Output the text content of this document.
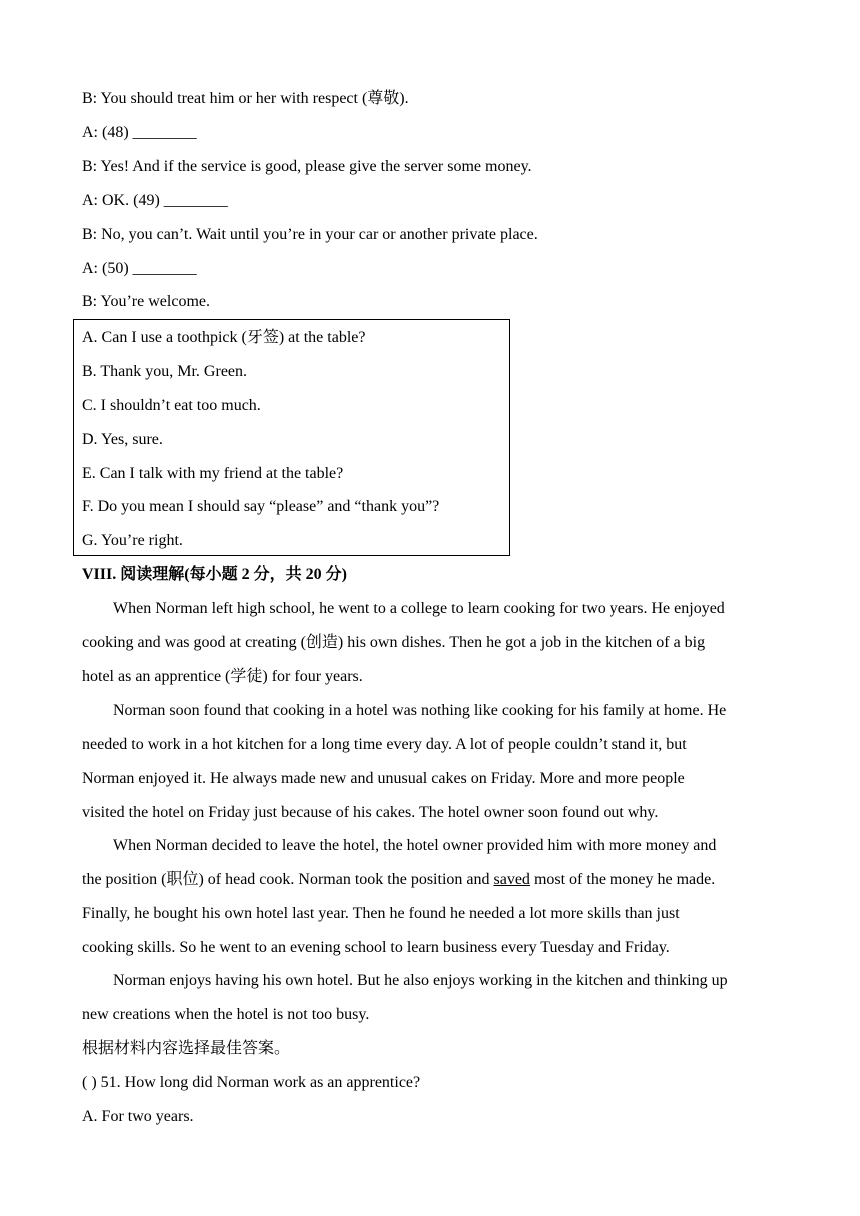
B: You should treat him or her with respect (尊敬).
A: (48) ________
B: Yes! And if the service is good, please give the server some money.
A: OK. (49) ________
B: No, you can’t. Wait until you’re in your car or another private place.
A: (50) ________
B: You’re welcome.
A. Can I use a toothpick (牙签) at the table?
B. Thank you, Mr. Green.
C. I shouldn’t eat too much.
D. Yes, sure.
E. Can I talk with my friend at the table?
F. Do you mean I should say “please” and “thank you”?
G. You’re right.
VIII. 阅读理解(每小题 2 分，共 20 分)
When Norman left high school, he went to a college to learn cooking for two years. He enjoyed
cooking and was good at creating (创造) his own dishes. Then he got a job in the kitchen of a big
hotel as an apprentice (学徒) for four years.
Norman soon found that cooking in a hotel was nothing like cooking for his family at home. He
needed to work in a hot kitchen for a long time every day. A lot of people couldn’t stand it, but
Norman enjoyed it. He always made new and unusual cakes on Friday. More and more people
visited the hotel on Friday just because of his cakes. The hotel owner soon found out why.
When Norman decided to leave the hotel, the hotel owner provided him with more money and
the position (职位) of head cook. Norman took the position and saved most of the money he made.
Finally, he bought his own hotel last year. Then he found he needed a lot more skills than just
cooking skills. So he went to an evening school to learn business every Tuesday and Friday.
Norman enjoys having his own hotel. But he also enjoys working in the kitchen and thinking up
new creations when the hotel is not too busy.
根据材料内容选择最佳答案。
( ) 51. How long did Norman work as an apprentice?
A. For two years.
